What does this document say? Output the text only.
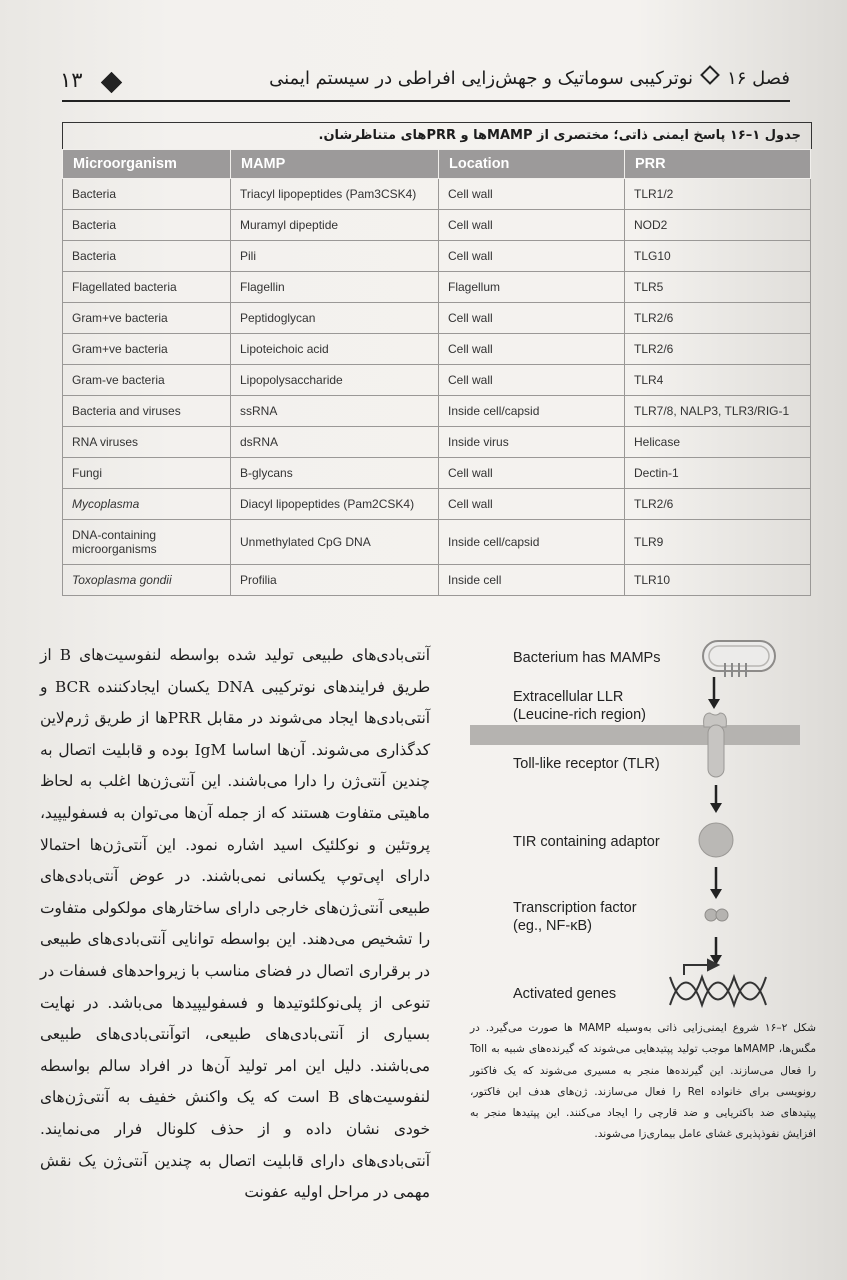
۱۳	فصل ۱۶نوترکیبی سوماتیک و جهش‌زایی افراطی در سیستم ایمنی
جدول ۱–۱۶ پاسخ ایمنی ذاتی؛ مختصری از MAMPها و PRRهای متناظرشان.
Microorganism	MAMP	Location	PRR
Bacteria	Triacyl lipopeptides (Pam3CSK4)	Cell wall	TLR1/2
Bacteria	Muramyl dipeptide	Cell wall	NOD2
Bacteria	Pili	Cell wall	TLG10
Flagellated bacteria	Flagellin	Flagellum	TLR5
Gram+ve bacteria	Peptidoglycan	Cell wall	TLR2/6
Gram+ve bacteria	Lipoteichoic acid	Cell wall	TLR2/6
Gram-ve bacteria	Lipopolysaccharide	Cell wall	TLR4
Bacteria and viruses	ssRNA	Inside cell/capsid	TLR7/8, NALP3, TLR3/RIG-1
RNA viruses	dsRNA	Inside virus	Helicase
Fungi	B-glycans	Cell wall	Dectin-1
Mycoplasma	Diacyl lipopeptides (Pam2CSK4)	Cell wall	TLR2/6
DNA-containing microorganisms	Unmethylated CpG DNA	Inside cell/capsid	TLR9
Toxoplasma gondii	Profilia	Inside cell	TLR10
آنتی‌بادی‌های طبیعی تولید شده بواسطه لنفوسیت‌های B از طریق فرایندهای نوترکیبی DNA یکسان ایجادکننده BCR و آنتی‌بادی‌ها ایجاد می‌شوند در مقابل PRRها از طریق ژرم‌لاین کدگذاری می‌شوند. آن‌ها اساسا IgM بوده و قابلیت اتصال به چندین آنتی‌ژن را دارا می‌باشند. این آنتی‌ژن‌ها اغلب به لحاظ ماهیتی متفاوت هستند که از جمله آن‌ها می‌توان به فسفولیپید، پروتئین و نوکلئیک اسید اشاره نمود. این آنتی‌ژن‌ها احتمالا دارای اپی‌توپ یکسانی نمی‌باشند. در عوض آنتی‌بادی‌های طبیعی آنتی‌ژن‌های خارجی دارای ساختارهای مولکولی متفاوت را تشخیص می‌دهند. این بواسطه توانایی آنتی‌بادی‌های طبیعی در برقراری اتصال در فضای مناسب با زیرواحدهای فسفات در تنوعی از پلی‌نوکلئوتیدها و فسفولیپیدها می‌باشد. در نهایت بسیاری از آنتی‌بادی‌های طبیعی، اتوآنتی‌بادی‌های طبیعی می‌باشند. دلیل این امر تولید آن‌ها در افراد سالم بواسطه لنفوسیت‌های B است که یک واکنش خفیف به آنتی‌ژن‌های خودی نشان داده و از حذف کلونال فرار می‌نمایند. آنتی‌بادی‌های دارای قابلیت اتصال به چندین آنتی‌ژن یک نقش مهمی در مراحل اولیه عفونت
Bacterium has MAMPs
Extracellular LLR
(Leucine-rich region)
Toll-like receptor (TLR)
TIR containing adaptor
Transcription factor
(eg., NF-κB)
Activated genes
شکل ۲–۱۶ شروع ایمنی‌زایی ذاتی به‌وسیله MAMP ها صورت می‌گیرد. در مگس‌ها، MAMPها موجب تولید پپتیدهایی می‌شوند که گیرنده‌های شبیه به Toll را فعال می‌سازند. این گیرنده‌ها منجر به مسیری می‌شوند که یک فاکتور رونویسی برای خانواده Rel را فعال می‌سازند. ژن‌های هدف این فاکتور، پپتیدهای ضد باکتریایی و ضد قارچی را ایجاد می‌کنند. این پپتیدها منجر به افزایش نفوذپذیری غشای عامل بیماری‌زا می‌شوند.
